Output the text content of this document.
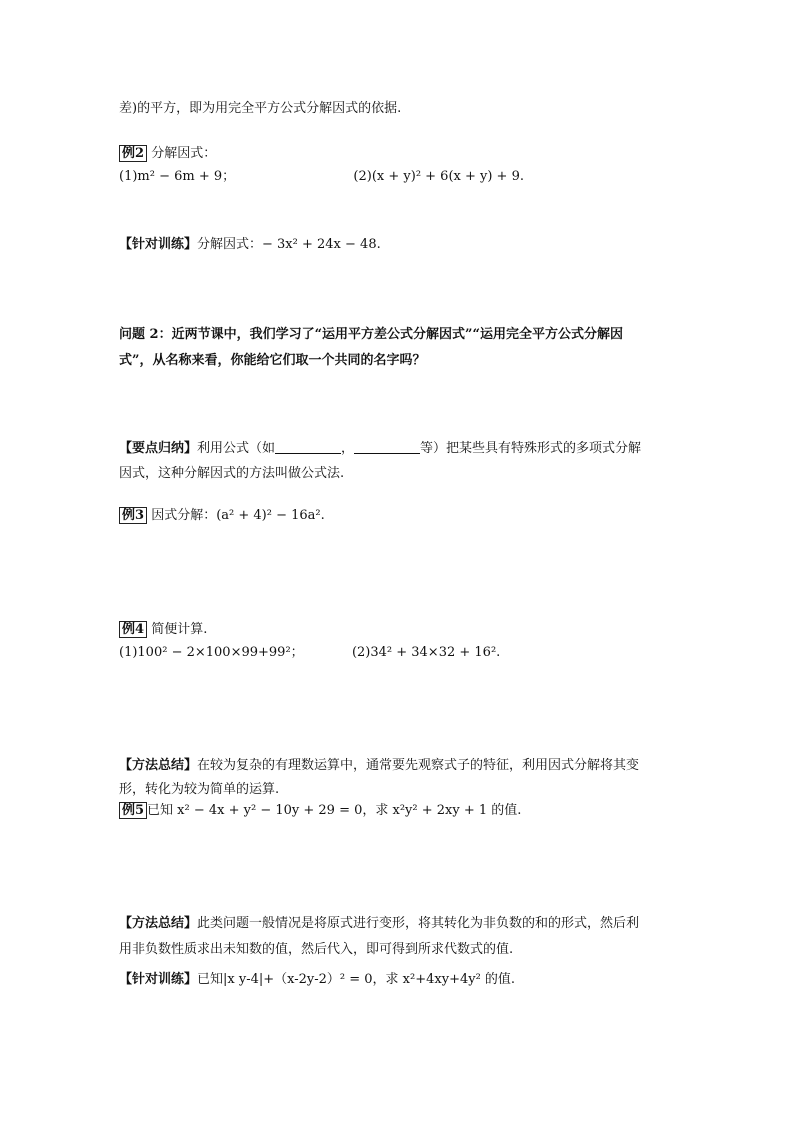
差)的平方，即为用完全平方公式分解因式的依据.
例2 分解因式：
(1)m² − 6m + 9；	(2)(x + y)² + 6(x + y) + 9.
【针对训练】分解因式：− 3x² + 24x − 48.
问题 2：近两节课中，我们学习了“运用平方差公式分解因式”“运用完全平方公式分解因
式”，从名称来看，你能给它们取一个共同的名字吗？
【要点归纳】利用公式（如	，	等）把某些具有特殊形式的多项式分解
因式，这种分解因式的方法叫做公式法.
例3 因式分解：(a² + 4)² − 16a².
例4 简便计算.
(1)100² − 2×100×99+99²；	(2)34² + 34×32 + 16².
【方法总结】在较为复杂的有理数运算中，通常要先观察式子的特征，利用因式分解将其变
形，转化为较为简单的运算.
例5 已知 x² − 4x + y² − 10y + 29 = 0，求 x²y² + 2xy + 1 的值.
【方法总结】此类问题一般情况是将原式进行变形，将其转化为非负数的和的形式，然后利
用非负数性质求出未知数的值，然后代入，即可得到所求代数式的值.
【针对训练】已知|x y-4|+（x-2y-2）² = 0，求 x²+4xy+4y² 的值.
